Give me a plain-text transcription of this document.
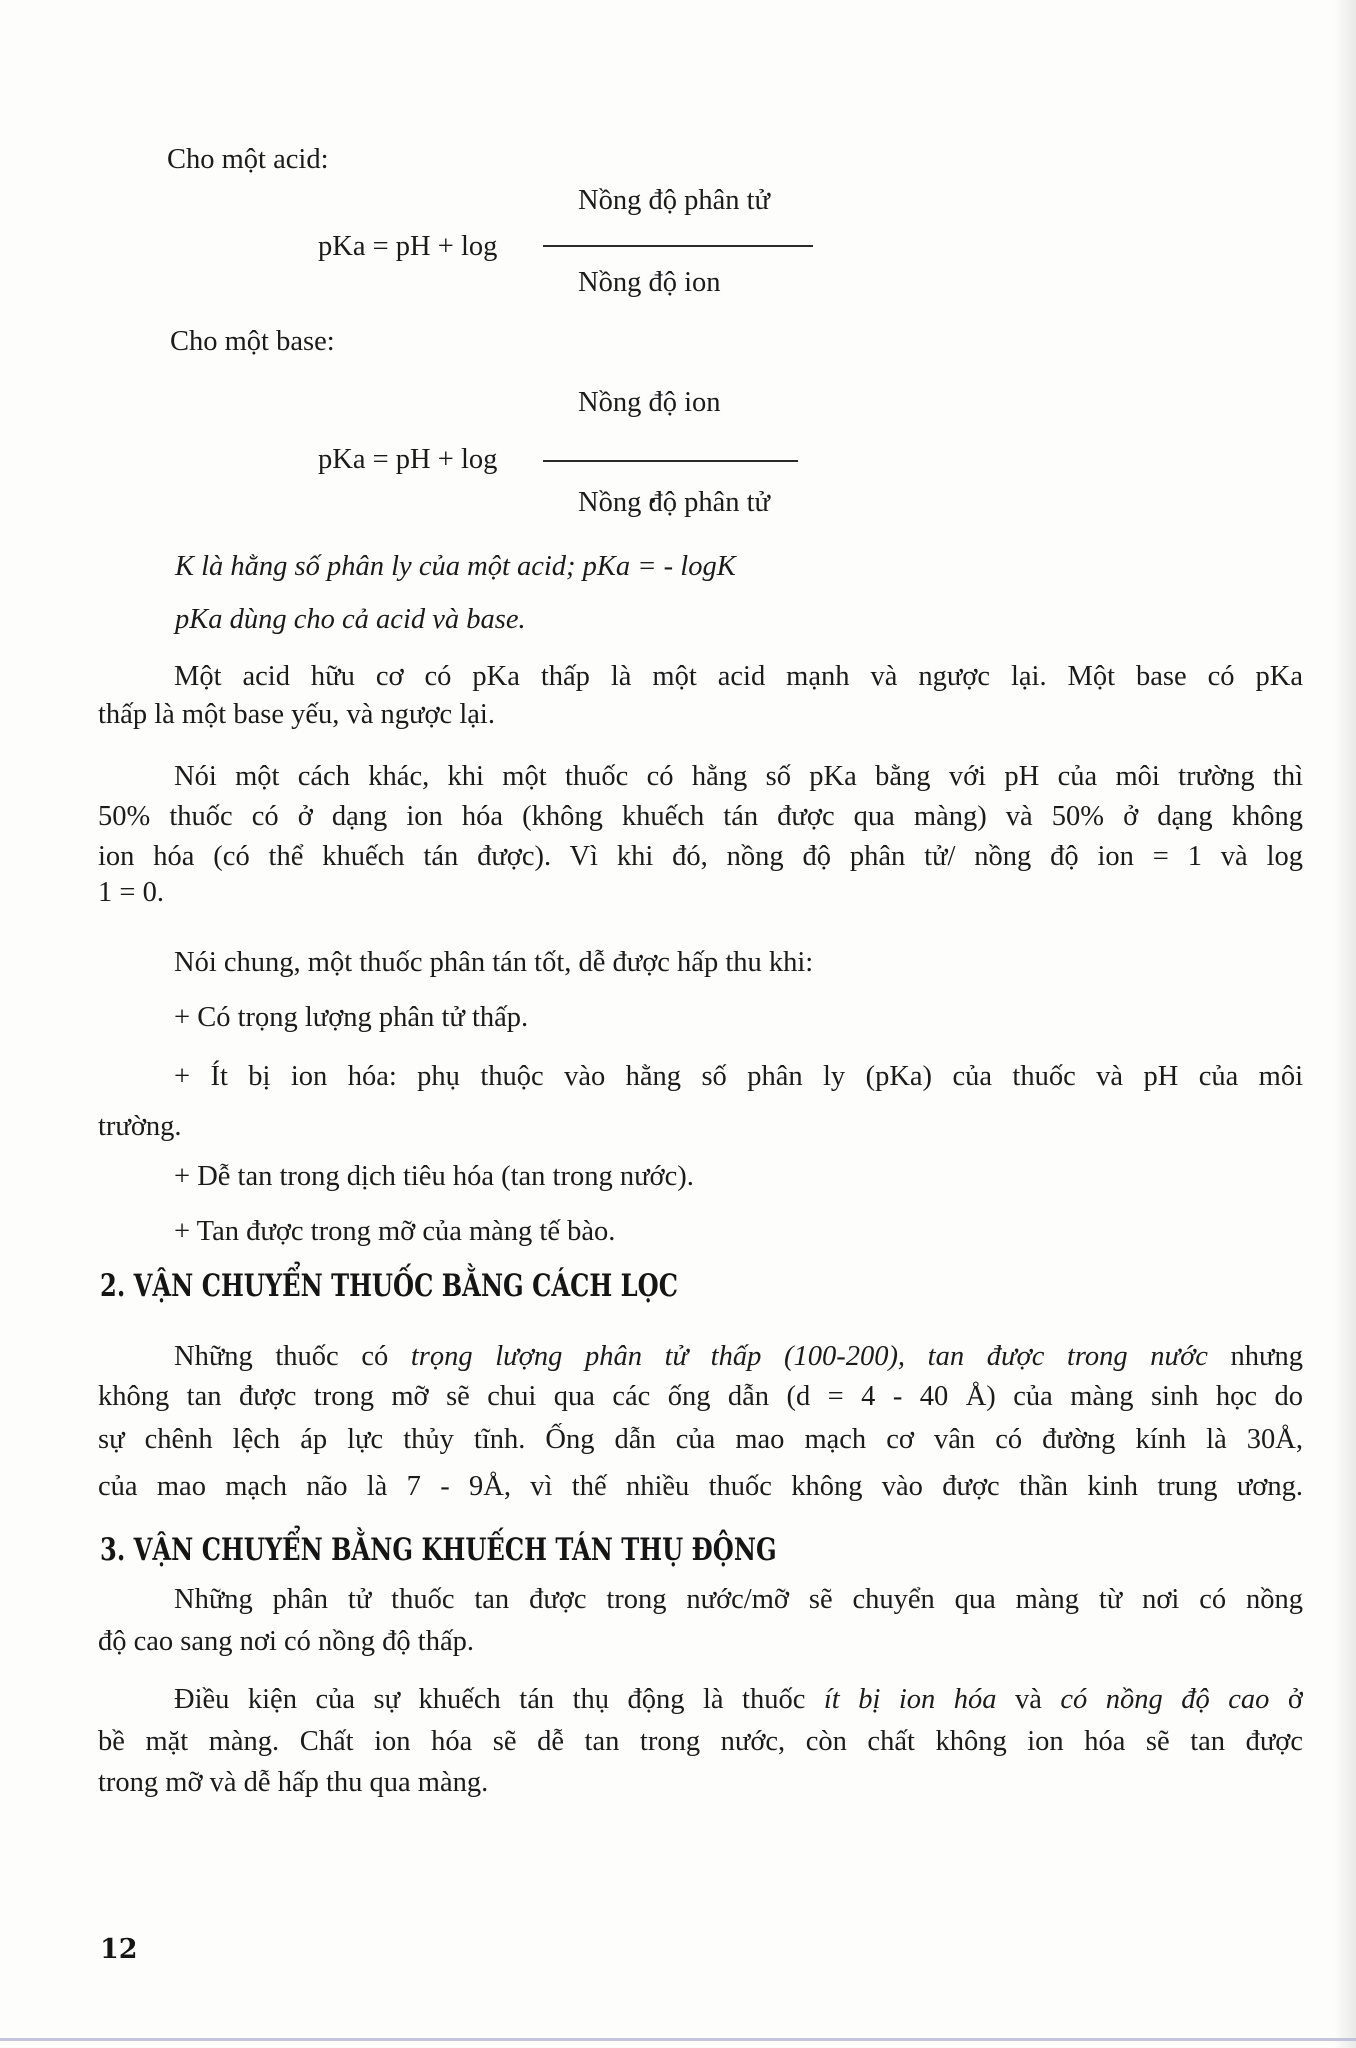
Cho một acid:
Nồng độ phân tử
pKa = pH + log
Nồng độ ion
Cho một base:
Nồng độ ion
pKa = pH + log
Nồng độ phân tử
K là hằng số phân ly của một acid; pKa = - logK
pKa dùng cho cả acid và base.
Một acid hữu cơ có pKa thấp là một acid mạnh và ngược lại. Một base có pKa
thấp là một base yếu, và ngược lại.
Nói một cách khác, khi một thuốc có hằng số pKa bằng với pH của môi trường thì
50% thuốc có ở dạng ion hóa (không khuếch tán được qua màng) và 50% ở dạng không
ion hóa (có thể khuếch tán được). Vì khi đó, nồng độ phân tử/ nồng độ ion = 1 và log
1 = 0.
Nói chung, một thuốc phân tán tốt, dễ được hấp thu khi:
+ Có trọng lượng phân tử thấp.
+ Ít bị ion hóa: phụ thuộc vào hằng số phân ly (pKa) của thuốc và pH của môi
trường.
+ Dễ tan trong dịch tiêu hóa (tan trong nước).
+ Tan được trong mỡ của màng tế bào.
2. VẬN CHUYỂN THUỐC BẰNG CÁCH LỌC
Những thuốc có trọng lượng phân tử thấp (100-200), tan được trong nước nhưng
không tan được trong mỡ sẽ chui qua các ống dẫn (d = 4 - 40 Å) của màng sinh học do
sự chênh lệch áp lực thủy tĩnh. Ống dẫn của mao mạch cơ vân có đường kính là 30Å,
của mao mạch não là 7 - 9Å, vì thế nhiều thuốc không vào được thần kinh trung ương.
3. VẬN CHUYỂN BẰNG KHUẾCH TÁN THỤ ĐỘNG
Những phân tử thuốc tan được trong nước/mỡ sẽ chuyển qua màng từ nơi có nồng
độ cao sang nơi có nồng độ thấp.
Điều kiện của sự khuếch tán thụ động là thuốc ít bị ion hóa và có nồng độ cao ở
bề mặt màng. Chất ion hóa sẽ dễ tan trong nước, còn chất không ion hóa sẽ tan được
trong mỡ và dễ hấp thu qua màng.
12
